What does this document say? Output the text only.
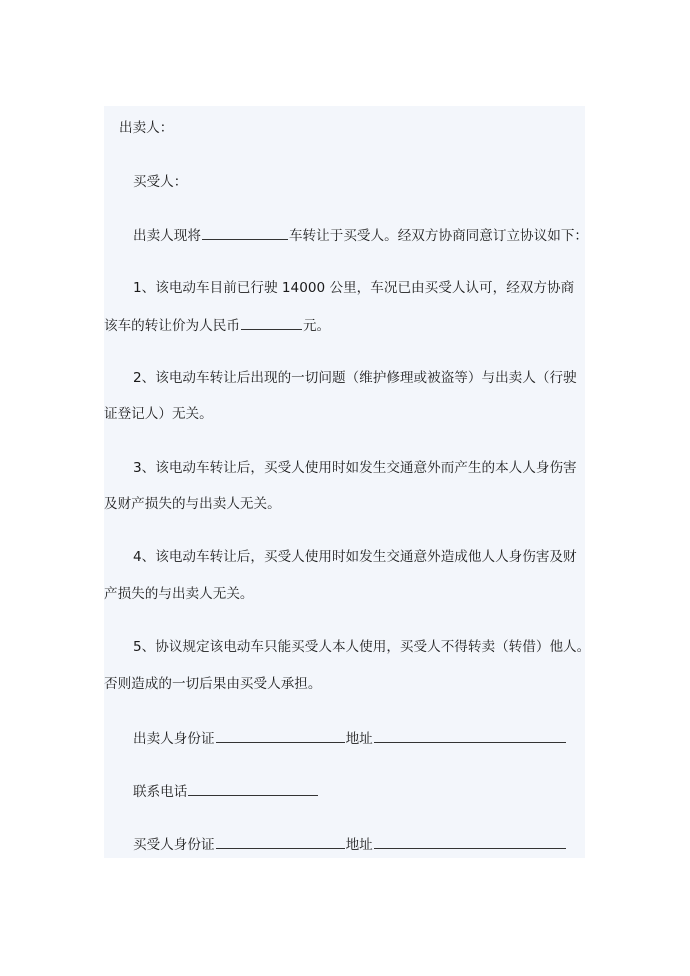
出卖人：
买受人：
出卖人现将	车转让于买受人。经双方协商同意订立协议如下：
1、该电动车目前已行驶 14000 公里，车况已由买受人认可，经双方协商
该车的转让价为人民币	元。
2、该电动车转让后出现的一切问题（维护修理或被盗等）与出卖人（行驶
证登记人）无关。
3、该电动车转让后，买受人使用时如发生交通意外而产生的本人人身伤害
及财产损失的与出卖人无关。
4、该电动车转让后，买受人使用时如发生交通意外造成他人人身伤害及财
产损失的与出卖人无关。
5、协议规定该电动车只能买受人本人使用，买受人不得转卖（转借）他人。
否则造成的一切后果由买受人承担。
出卖人身份证	地址
联系电话
买受人身份证	地址
